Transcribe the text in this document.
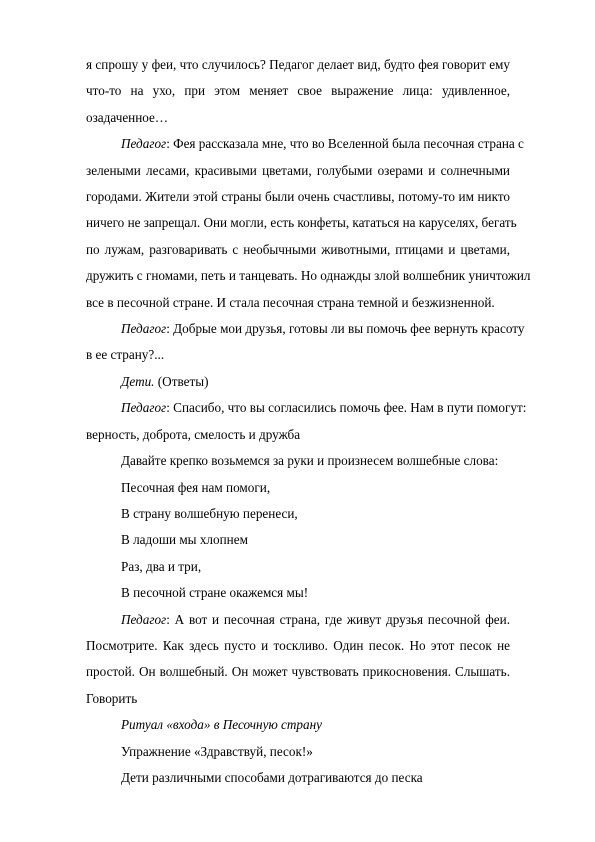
я спрошу у феи, что случилось? Педагог делает вид, будто фея говорит ему

что-то на ухо, при этом меняет свое выражение лица: удивленное,

озадаченное…

Педагог: Фея рассказала мне, что во Вселенной была песочная страна с

зелеными лесами, красивыми цветами, голубыми озерами и солнечными

городами. Жители этой страны были очень счастливы, потому-то им никто

ничего не запрещал. Они могли, есть конфеты, кататься на каруселях, бегать

по лужам, разговаривать с необычными животными, птицами и цветами,

дружить с гномами, петь и танцевать. Но однажды злой волшебник уничтожил

все в песочной стране. И стала песочная страна темной и безжизненной.

Педагог: Добрые мои друзья, готовы ли вы помочь фее вернуть красоту

в ее страну?...

Дети. (Ответы)

Педагог: Спасибо, что вы согласились помочь фее. Нам в пути помогут:

верность, доброта, смелость и дружба

Давайте крепко возьмемся за руки и произнесем волшебные слова:

Песочная фея нам помоги,

В страну волшебную перенеси,

В ладоши мы хлопнем

Раз, два и три,

В песочной стране окажемся мы!

Педагог: А вот и песочная страна, где живут друзья песочной феи.

Посмотрите. Как здесь пусто и тоскливо. Один песок. Но этот песок не

простой. Он волшебный. Он может чувствовать прикосновения. Слышать.

Говорить

Ритуал «входа» в Песочную страну

Упражнение «Здравствуй, песок!»

Дети различными способами дотрагиваются до песка
